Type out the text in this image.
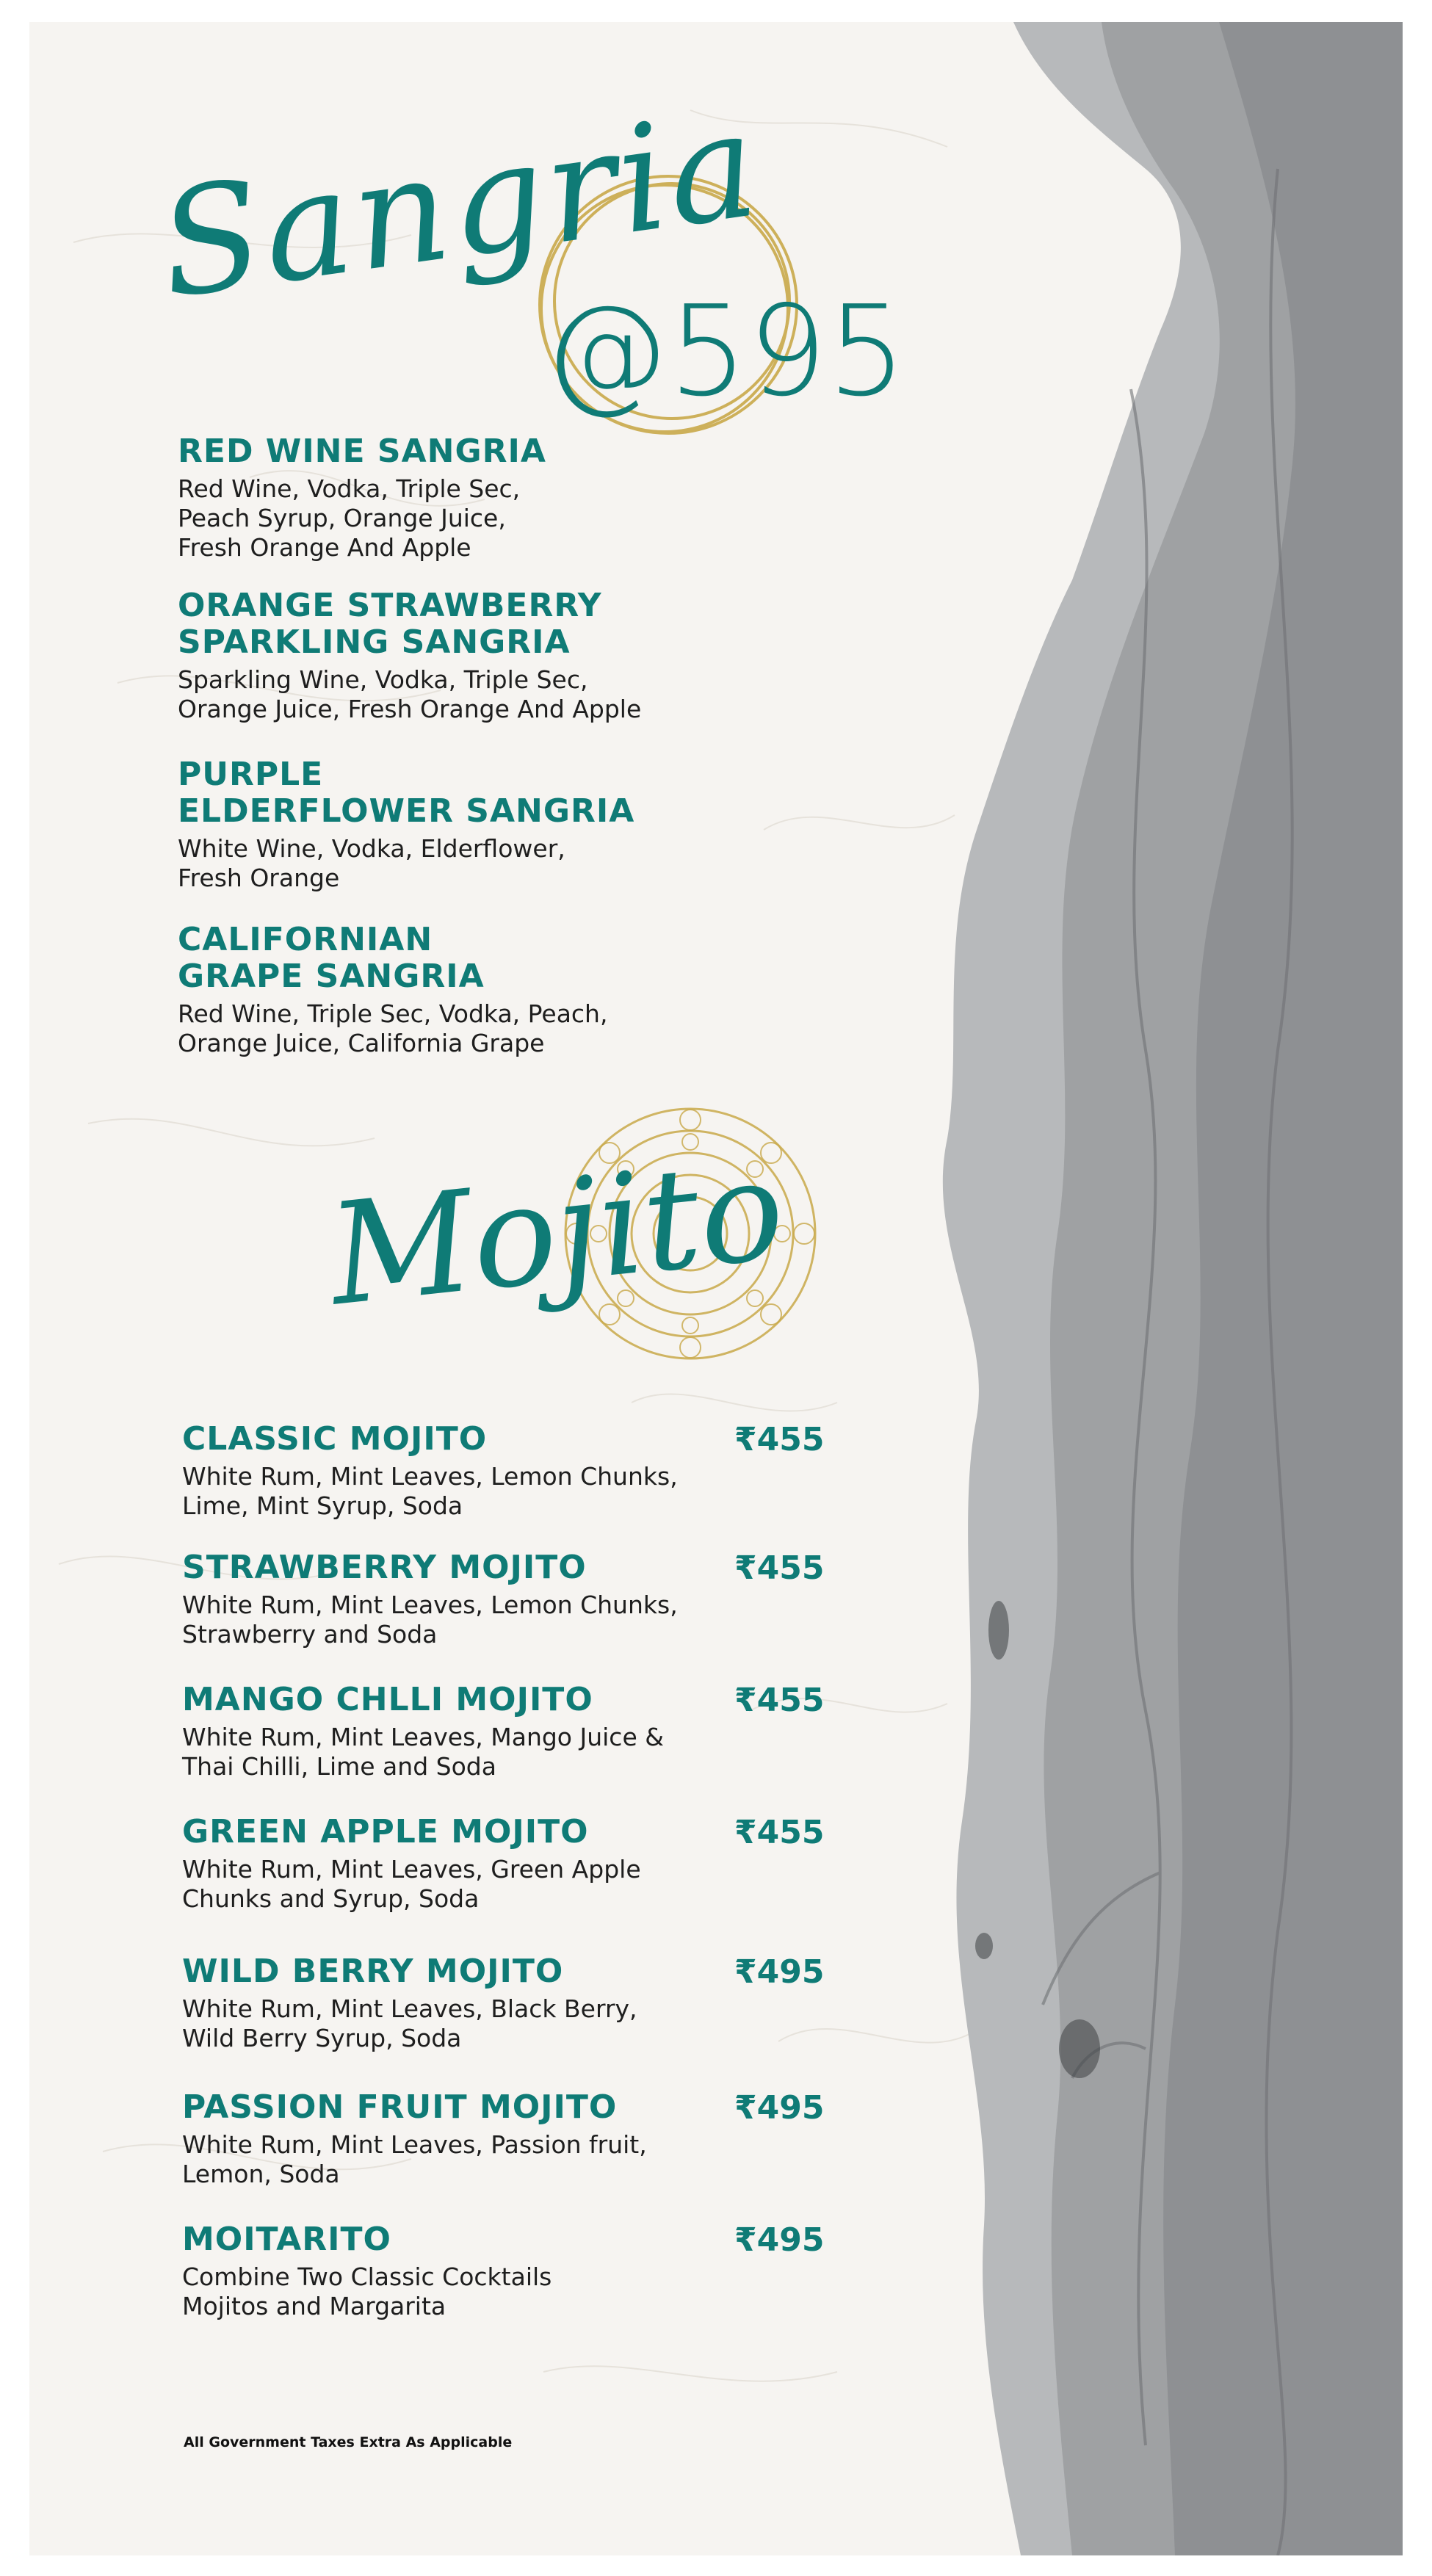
Sangria
@595

RED WINE SANGRIA

Red Wine, Vodka, Triple Sec,
Peach Syrup, Orange Juice,
Fresh Orange And Apple

ORANGE STRAWBERRY
SPARKLING SANGRIA

Sparkling Wine, Vodka, Triple Sec,
Orange Juice, Fresh Orange And Apple

PURPLE
ELDERFLOWER SANGRIA

White Wine, Vodka, Elderflower,
Fresh Orange

CALIFORNIAN
GRAPE SANGRIA

Red Wine, Triple Sec, Vodka, Peach,
Orange Juice, California Grape

Mojito

CLASSIC MOJITO

White Rum, Mint Leaves, Lemon Chunks,
Lime, Mint Syrup, Soda

₹455

STRAWBERRY MOJITO

White Rum, Mint Leaves, Lemon Chunks,
Strawberry and Soda

₹455

MANGO CHLLI MOJITO

White Rum, Mint Leaves, Mango Juice &
Thai Chilli, Lime and Soda

₹455

GREEN APPLE MOJITO

White Rum, Mint Leaves, Green Apple
Chunks and Syrup, Soda

₹455

WILD BERRY MOJITO

White Rum, Mint Leaves, Black Berry,
Wild Berry Syrup, Soda

₹495

PASSION FRUIT MOJITO

White Rum, Mint Leaves, Passion fruit,
Lemon, Soda

₹495

MOITARITO

Combine Two Classic Cocktails
Mojitos and Margarita

₹495
All Government Taxes Extra As Applicable
